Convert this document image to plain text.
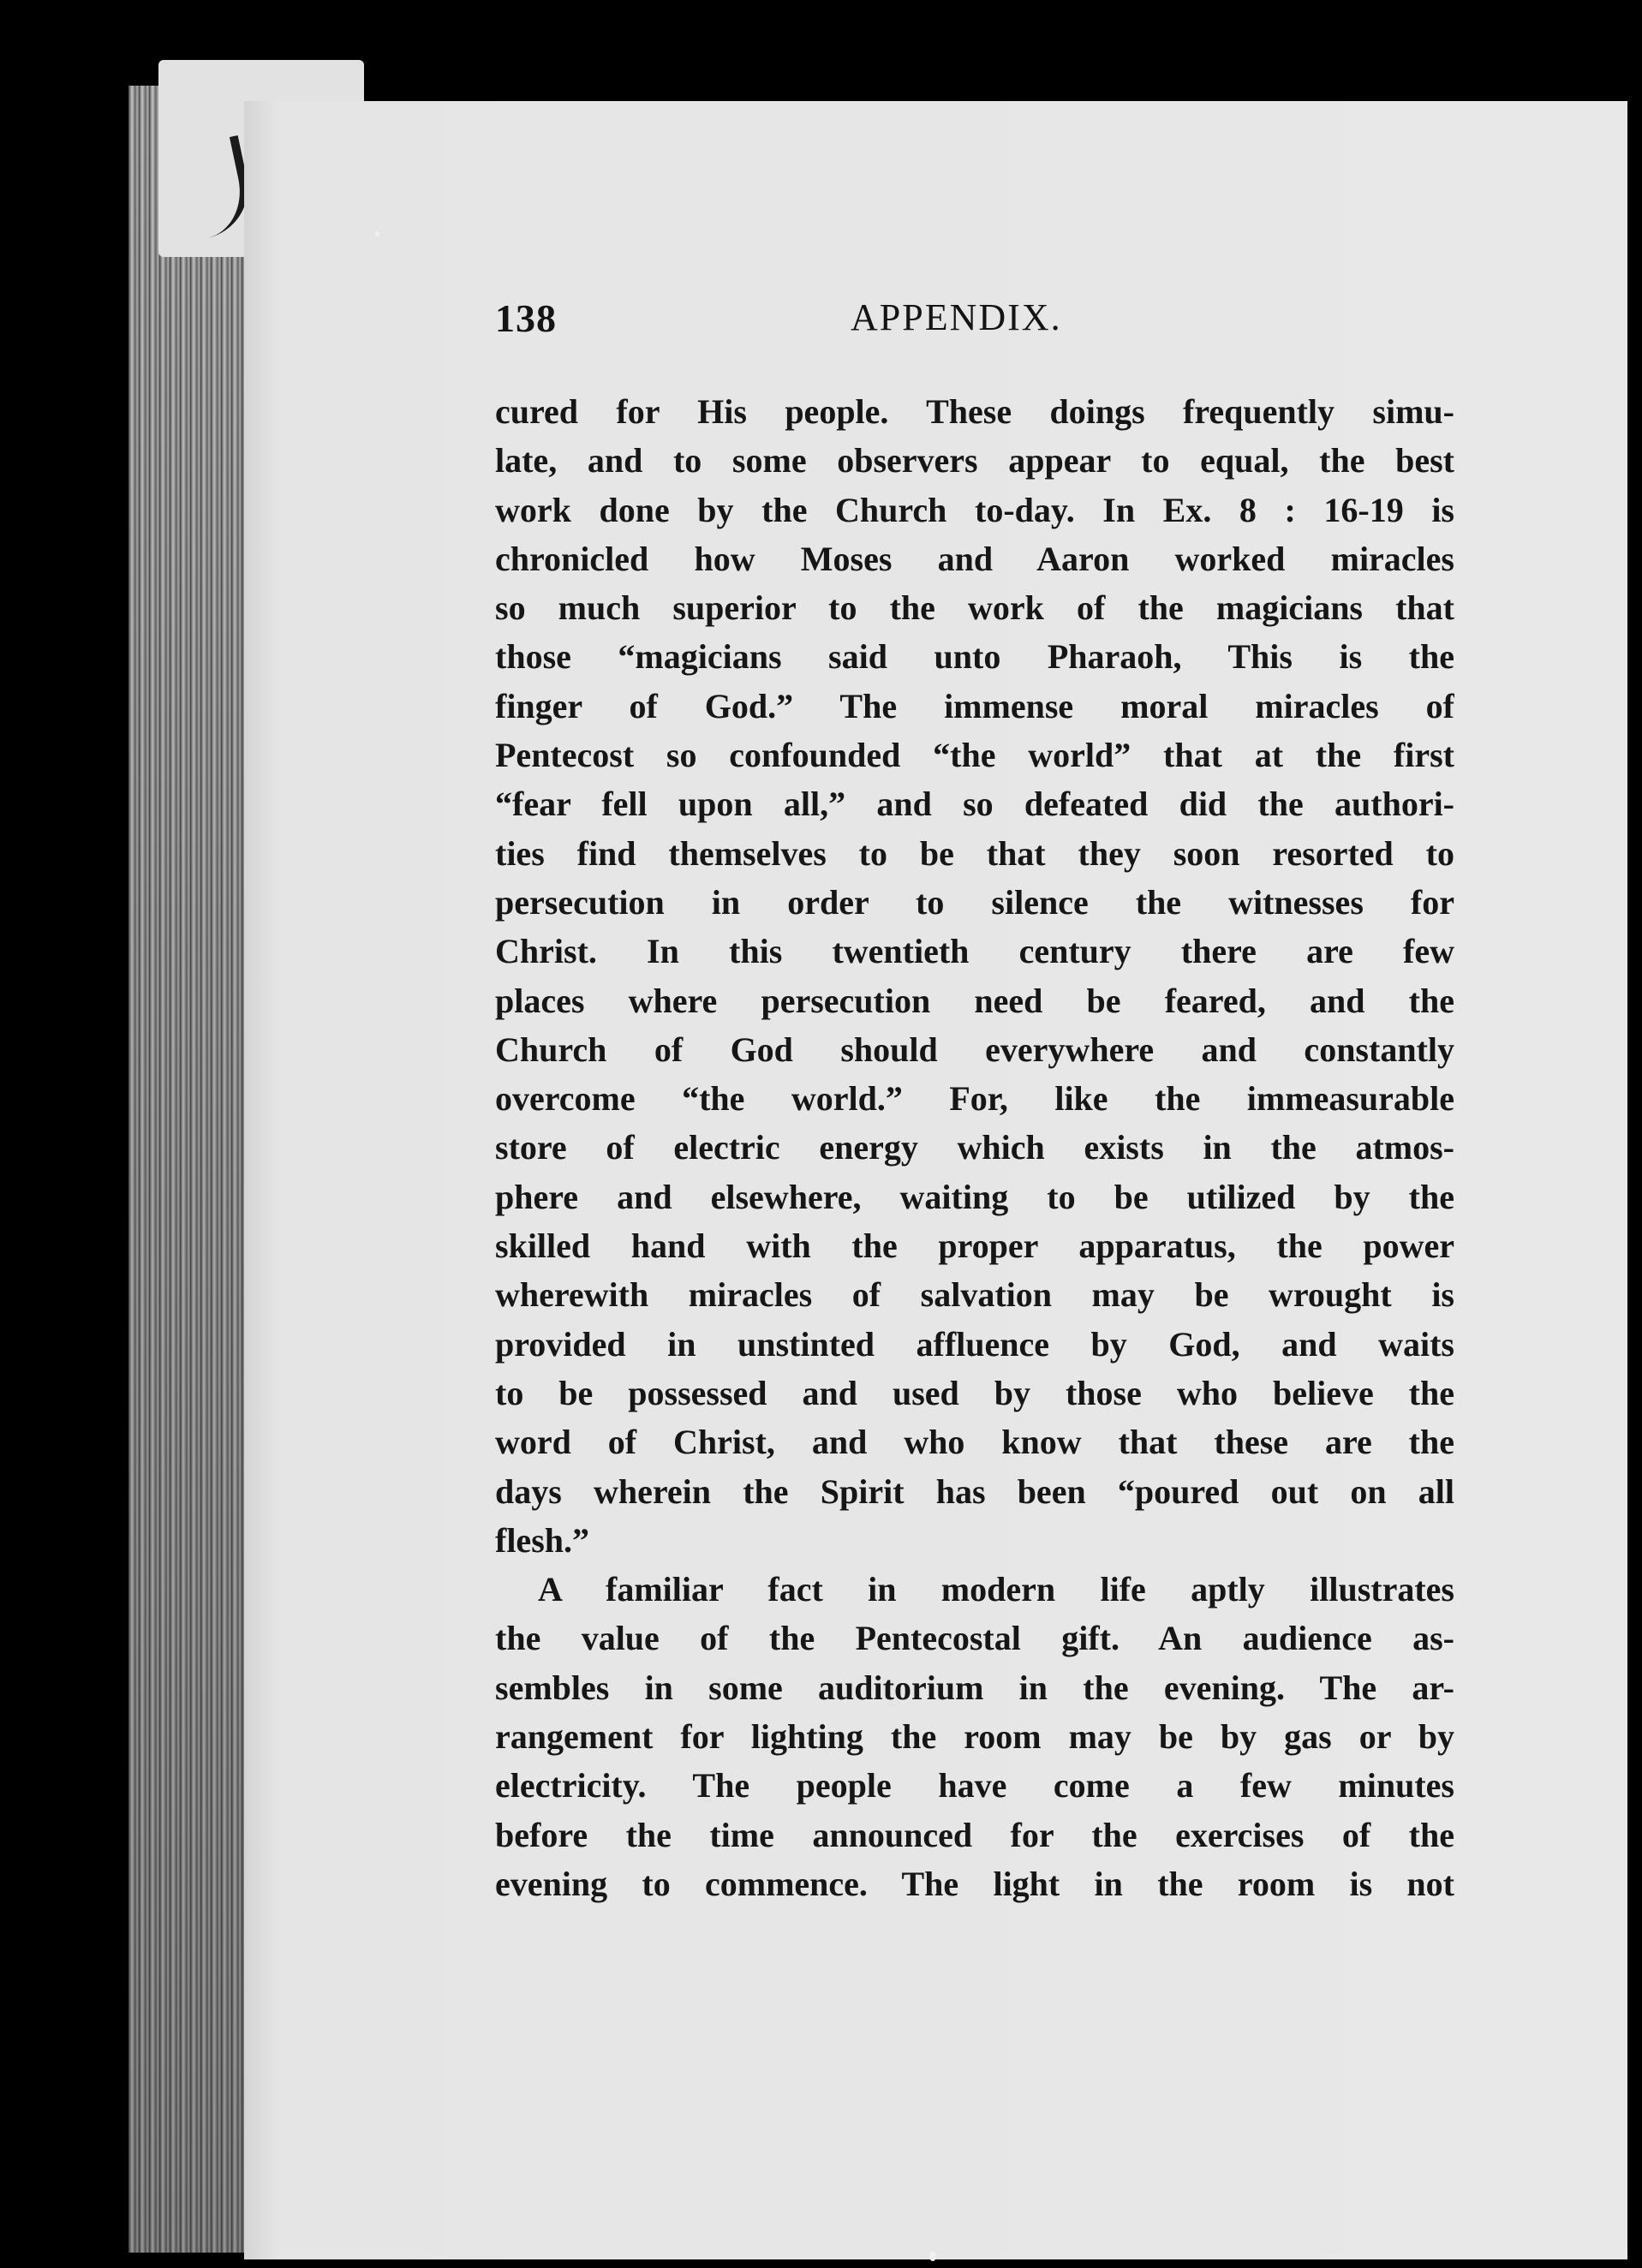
138	APPENDIX.
cured for His people. These doings frequently simu-
late, and to some observers appear to equal, the best
work done by the Church to-day. In Ex. 8 : 16-19 is
chronicled how Moses and Aaron worked miracles
so much superior to the work of the magicians that
those “magicians said unto Pharaoh, This is the
finger of God.” The immense moral miracles of
Pentecost so confounded “the world” that at the first
“fear fell upon all,” and so defeated did the authori-
ties find themselves to be that they soon resorted to
persecution in order to silence the witnesses for
Christ. In this twentieth century there are few
places where persecution need be feared, and the
Church of God should everywhere and constantly
overcome “the world.” For, like the immeasurable
store of electric energy which exists in the atmos-
phere and elsewhere, waiting to be utilized by the
skilled hand with the proper apparatus, the power
wherewith miracles of salvation may be wrought is
provided in unstinted affluence by God, and waits
to be possessed and used by those who believe the
word of Christ, and who know that these are the
days wherein the Spirit has been “poured out on all
flesh.”
A familiar fact in modern life aptly illustrates
the value of the Pentecostal gift. An audience as-
sembles in some auditorium in the evening. The ar-
rangement for lighting the room may be by gas or by
electricity. The people have come a few minutes
before the time announced for the exercises of the
evening to commence. The light in the room is not
